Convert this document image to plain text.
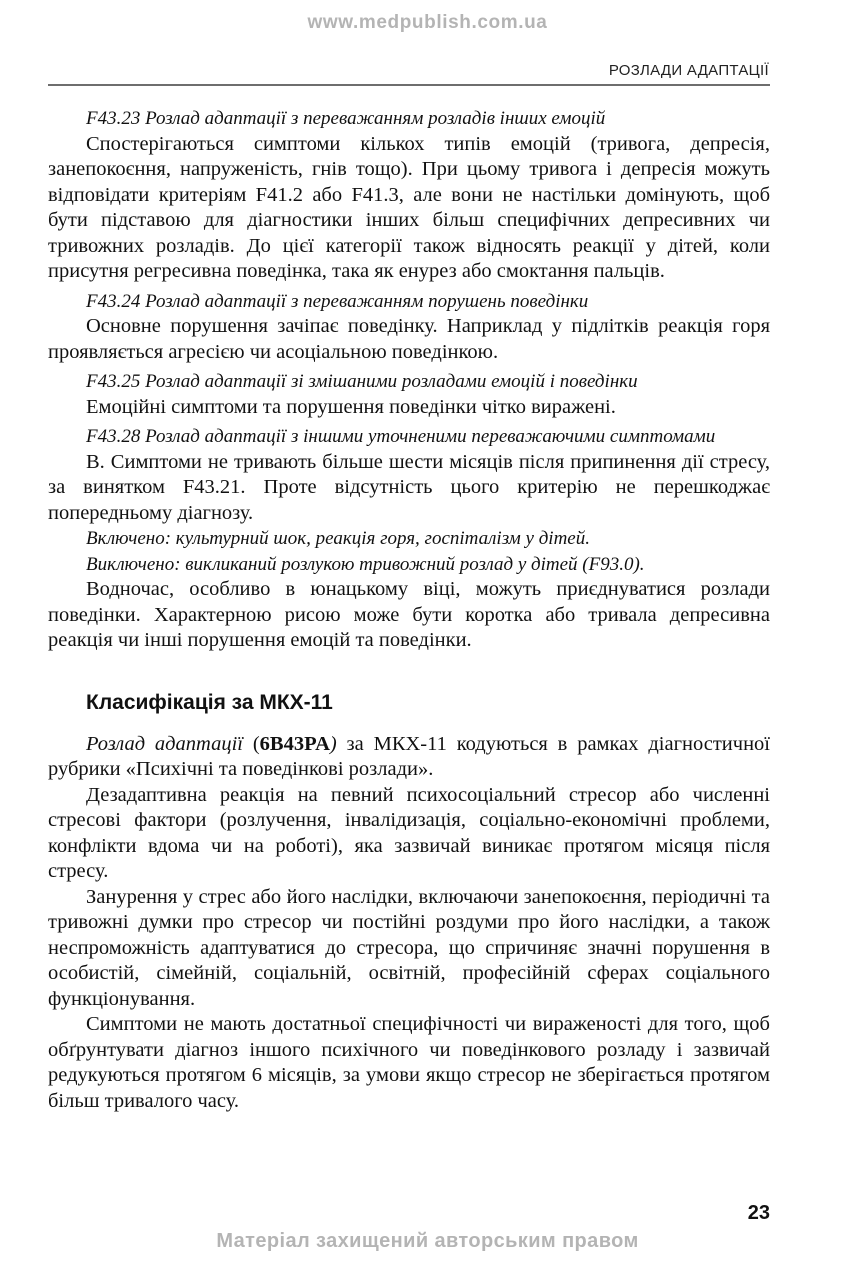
www.medpublish.com.ua
РОЗЛАДИ АДАПТАЦІЇ

F43.23 Розлад адаптації з переважанням розладів інших емоцій

Спостерігаються симптоми кількох типів емоцій (тривога, депресія, занепокоєння, напруженість, гнів тощо). При цьому тривога і депресія можуть відповідати критеріям F41.2 або F41.3, але вони не настільки домінують, щоб бути підставою для діагностики інших більш специфічних депресивних чи тривожних розладів. До цієї категорії також відносять реакції у дітей, коли присутня регресивна поведінка, така як енурез або смоктання пальців.

F43.24 Розлад адаптації з переважанням порушень поведінки

Основне порушення зачіпає поведінку. Наприклад у підлітків реакція горя проявляється агресією чи асоціальною поведінкою.

F43.25 Розлад адаптації зі змішаними розладами емоцій і поведінки

Емоційні симптоми та порушення поведінки чітко виражені.

F43.28 Розлад адаптації з іншими уточненими переважаючими симптомами

В. Симптоми не тривають більше шести місяців після припинення дії стресу, за винятком F43.21. Проте відсутність цього критерію не перешкоджає попередньому діагнозу.

Включено: культурний шок, реакція горя, госпіталізм у дітей.

Виключено: викликаний розлукою тривожний розлад у дітей (F93.0).

Водночас, особливо в юнацькому віці, можуть приєднуватися розлади поведінки. Характерною рисою може бути коротка або тривала депресивна реакція чи інші порушення емоцій та поведінки.

Класифікація за МКХ-11

Розлад адаптації (6B43PA) за МКХ-11 кодуються в рамках діагностичної рубрики «Психічні та поведінкові розлади».

Дезадаптивна реакція на певний психосоціальний стресор або численні стресові фактори (розлучення, інвалідизація, соціально-економічні проблеми, конфлікти вдома чи на роботі), яка зазвичай виникає протягом місяця після стресу.

Занурення у стрес або його наслідки, включаючи занепокоєння, періодичні та тривожні думки про стресор чи постійні роздуми про його наслідки, а також неспроможність адаптуватися до стресора, що спричиняє значні порушення в особистій, сімейній, соціальній, освітній, професійній сферах соціального функціонування.

Симптоми не мають достатньої специфічності чи вираженості для того, щоб обґрунтувати діагноз іншого психічного чи поведінкового розладу і зазвичай редукуються протягом 6 місяців, за умови якщо стресор не зберігається протягом більш тривалого часу.

23
Матеріал захищений авторським правом
